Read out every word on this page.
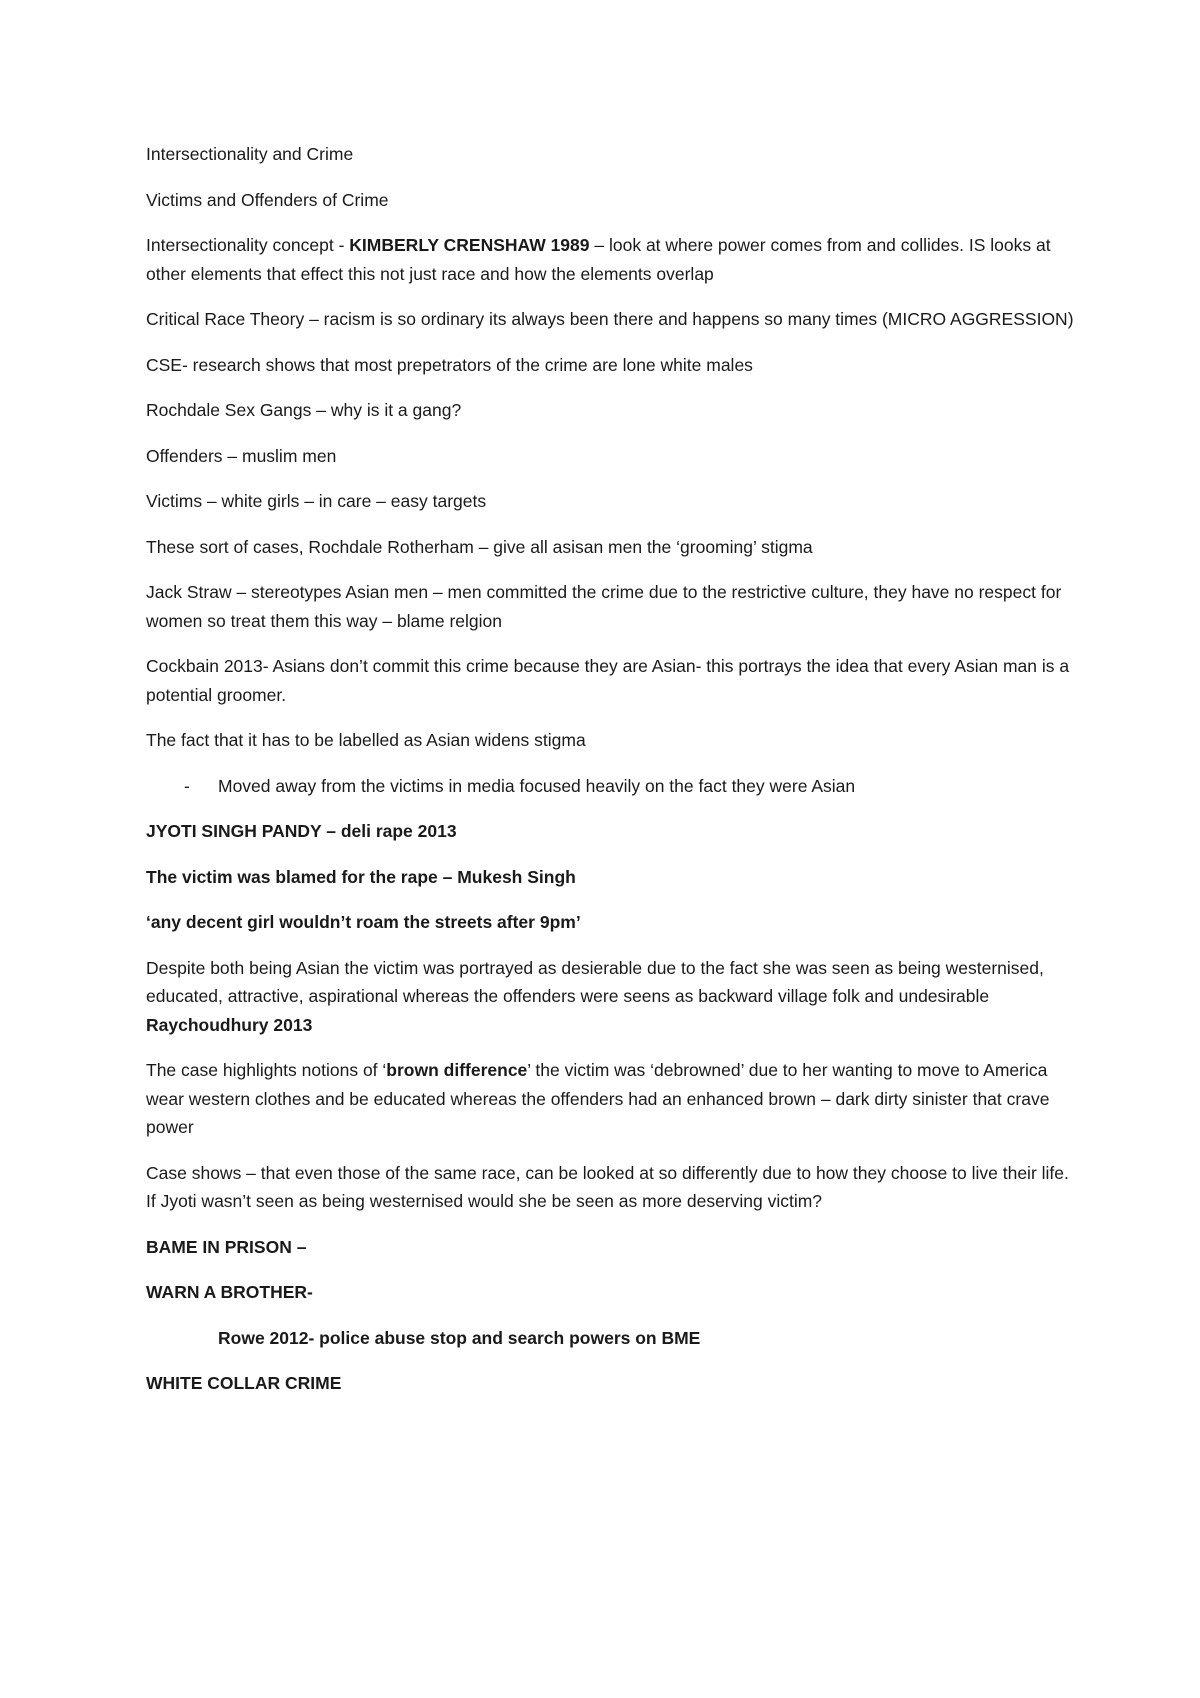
Intersectionality and Crime

Victims and Offenders of Crime

Intersectionality concept - KIMBERLY CRENSHAW 1989 – look at where power comes from and collides. IS looks at other elements that effect this not just race and how the elements overlap

Critical Race Theory – racism is so ordinary its always been there and happens so many times (MICRO AGGRESSION)

CSE- research shows that most prepetrators of the crime are lone white males

Rochdale Sex Gangs – why is it a gang?

Offenders – muslim men

Victims – white girls – in care – easy targets

These sort of cases, Rochdale Rotherham – give all asisan men the ‘grooming’ stigma

Jack Straw – stereotypes Asian men – men committed the crime due to the restrictive culture, they have no respect for women so treat them this way – blame relgion

Cockbain 2013- Asians don’t commit this crime because they are Asian- this portrays the idea that every Asian man is a potential groomer.

The fact that it has to be labelled as Asian widens stigma

- Moved away from the victims in media focused heavily on the fact they were Asian

JYOTI SINGH PANDY – deli rape 2013

The victim was blamed for the rape – Mukesh Singh

‘any decent girl wouldn’t roam the streets after 9pm’

Despite both being Asian the victim was portrayed as desierable due to the fact she was seen as being westernised, educated, attractive, aspirational whereas the offenders were seens as backward village folk and undesirable Raychoudhury 2013

The case highlights notions of ‘brown difference’ the victim was ‘debrowned’ due to her wanting to move to America wear western clothes and be educated whereas the offenders had an enhanced brown – dark dirty sinister that crave power

Case shows – that even those of the same race, can be looked at so differently due to how they choose to live their life. If Jyoti wasn’t seen as being westernised would she be seen as more deserving victim?

BAME IN PRISON –

WARN A BROTHER-

Rowe 2012- police abuse stop and search powers on BME

WHITE COLLAR CRIME
